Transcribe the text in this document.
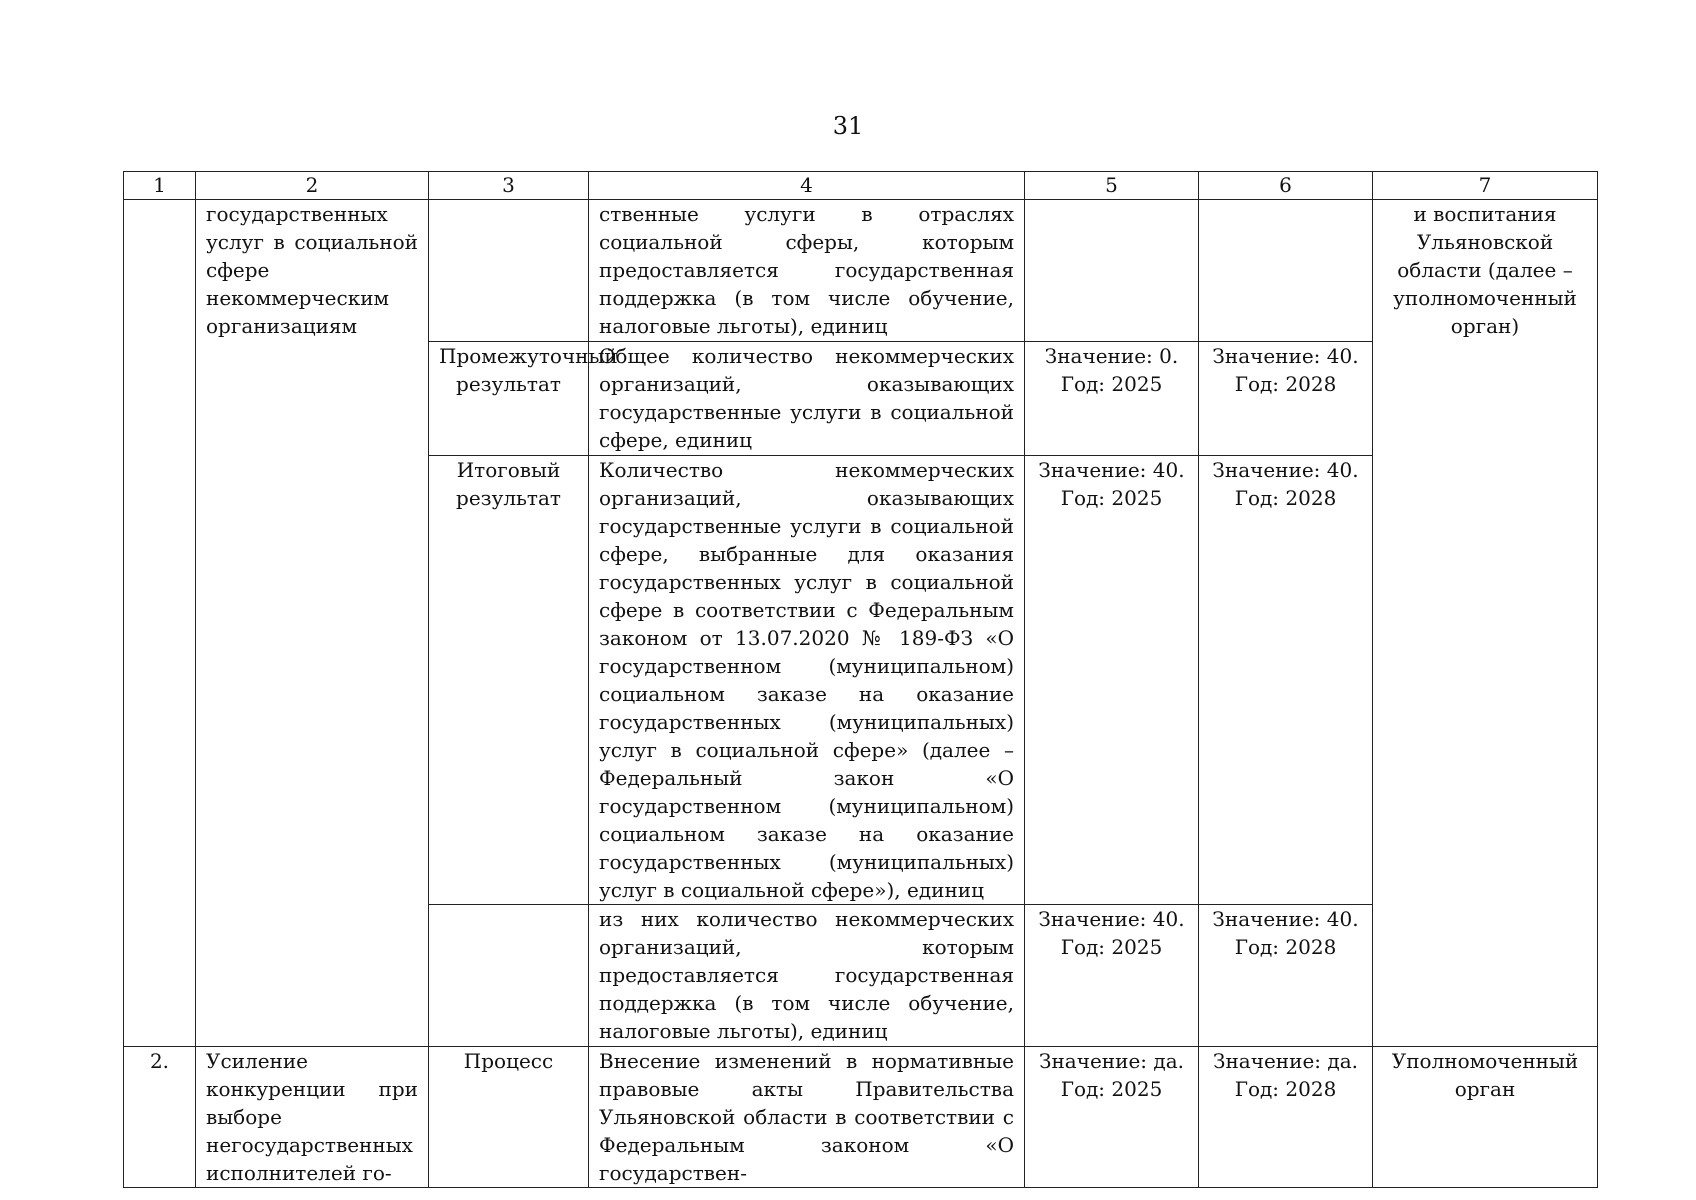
31
1	2	3	4	5	6	7
	государственных услуг в социальной сфере некоммерческим организациям		ственные услуги в отраслях социальной сферы, которым предоставляется государственная поддержка (в том числе обучение, налоговые льготы), единиц			и воспитания Ульяновской области (далее – уполномоченный орган)
		Промежуточный результат	Общее количество некоммерческих организаций, оказывающих государственные услуги в социальной сфере, единиц	Значение: 0. Год: 2025	Значение: 40. Год: 2028	
		Итоговый результат	Количество некоммерческих организаций, оказывающих государственные услуги в социальной сфере, выбранные для оказания государственных услуг в социальной сфере в соответствии с Федеральным законом от 13.07.2020 № 189-ФЗ «О государственном (муниципальном) социальном заказе на оказание государственных (муниципальных) услуг в социальной сфере» (далее – Федеральный закон «О государственном (муниципальном) социальном заказе на оказание государственных (муниципальных) услуг в социальной сфере»), единиц	Значение: 40. Год: 2025	Значение: 40. Год: 2028	
			из них количество некоммерческих организаций, которым предоставляется государственная поддержка (в том числе обучение, налоговые льготы), единиц	Значение: 40. Год: 2025	Значение: 40. Год: 2028	
2.	Усиление конкуренции при выборе негосударственных исполнителей го-	Процесс	Внесение изменений в нормативные правовые акты Правительства Ульяновской области в соответствии с Федеральным законом «О государствен-	Значение: да. Год: 2025	Значение: да. Год: 2028	Уполномоченный орган
